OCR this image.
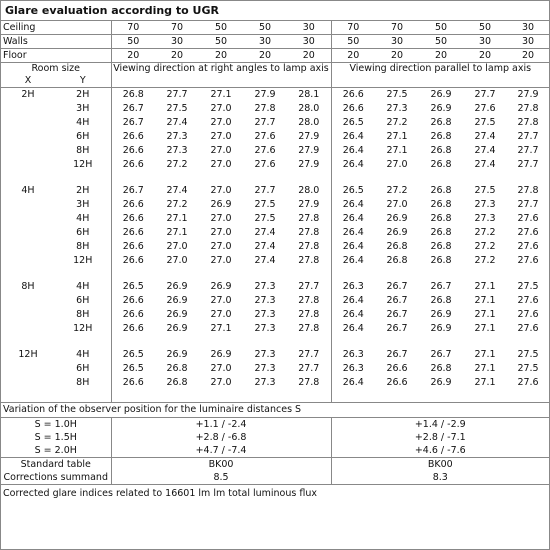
Glare evaluation according to UGR
Ceiling		70	70	50	50	30	70	70	50	50	30
Walls		50	30	50	30	30	50	30	50	30	30
Floor		20	20	20	20	20	20	20	20	20	20
Room size		Viewing direction at right angles to lamp axis					Viewing direction parallel to lamp axis				
X	Y										
2H	2H	26.8	27.7	27.1	27.9	28.1	26.6	27.5	26.9	27.7	27.9
	3H	26.7	27.5	27.0	27.8	28.0	26.6	27.3	26.9	27.6	27.8
	4H	26.7	27.4	27.0	27.7	28.0	26.5	27.2	26.8	27.5	27.8
	6H	26.6	27.3	27.0	27.6	27.9	26.4	27.1	26.8	27.4	27.7
	8H	26.6	27.3	27.0	27.6	27.9	26.4	27.1	26.8	27.4	27.7
	12H	26.6	27.2	27.0	27.6	27.9	26.4	27.0	26.8	27.4	27.7

4H	2H	26.7	27.4	27.0	27.7	28.0	26.5	27.2	26.8	27.5	27.8
	3H	26.6	27.2	26.9	27.5	27.9	26.4	27.0	26.8	27.3	27.7
	4H	26.6	27.1	27.0	27.5	27.8	26.4	26.9	26.8	27.3	27.6
	6H	26.6	27.1	27.0	27.4	27.8	26.4	26.9	26.8	27.2	27.6
	8H	26.6	27.0	27.0	27.4	27.8	26.4	26.8	26.8	27.2	27.6
	12H	26.6	27.0	27.0	27.4	27.8	26.4	26.8	26.8	27.2	27.6

8H	4H	26.5	26.9	26.9	27.3	27.7	26.3	26.7	26.7	27.1	27.5
	6H	26.6	26.9	27.0	27.3	27.8	26.4	26.7	26.8	27.1	27.6
	8H	26.6	26.9	27.0	27.3	27.8	26.4	26.7	26.9	27.1	27.6
	12H	26.6	26.9	27.1	27.3	27.8	26.4	26.7	26.9	27.1	27.6

12H	4H	26.5	26.9	26.9	27.3	27.7	26.3	26.7	26.7	27.1	27.5
	6H	26.5	26.8	27.0	27.3	27.7	26.3	26.6	26.8	27.1	27.5
	8H	26.6	26.8	27.0	27.3	27.8	26.4	26.6	26.9	27.1	27.6

Variation of the observer position for the luminaire distances S											
S = 1.0H		+1.1 / -2.4					+1.4 / -2.9				
S = 1.5H		+2.8 / -6.8					+2.8 / -7.1				
S = 2.0H		+4.7 / -7.4					+4.6 / -7.6				
Standard table		BK00					BK00				
Corrections summand		8.5					8.3				
Corrected glare indices related to 16601 lm lm total luminous flux
